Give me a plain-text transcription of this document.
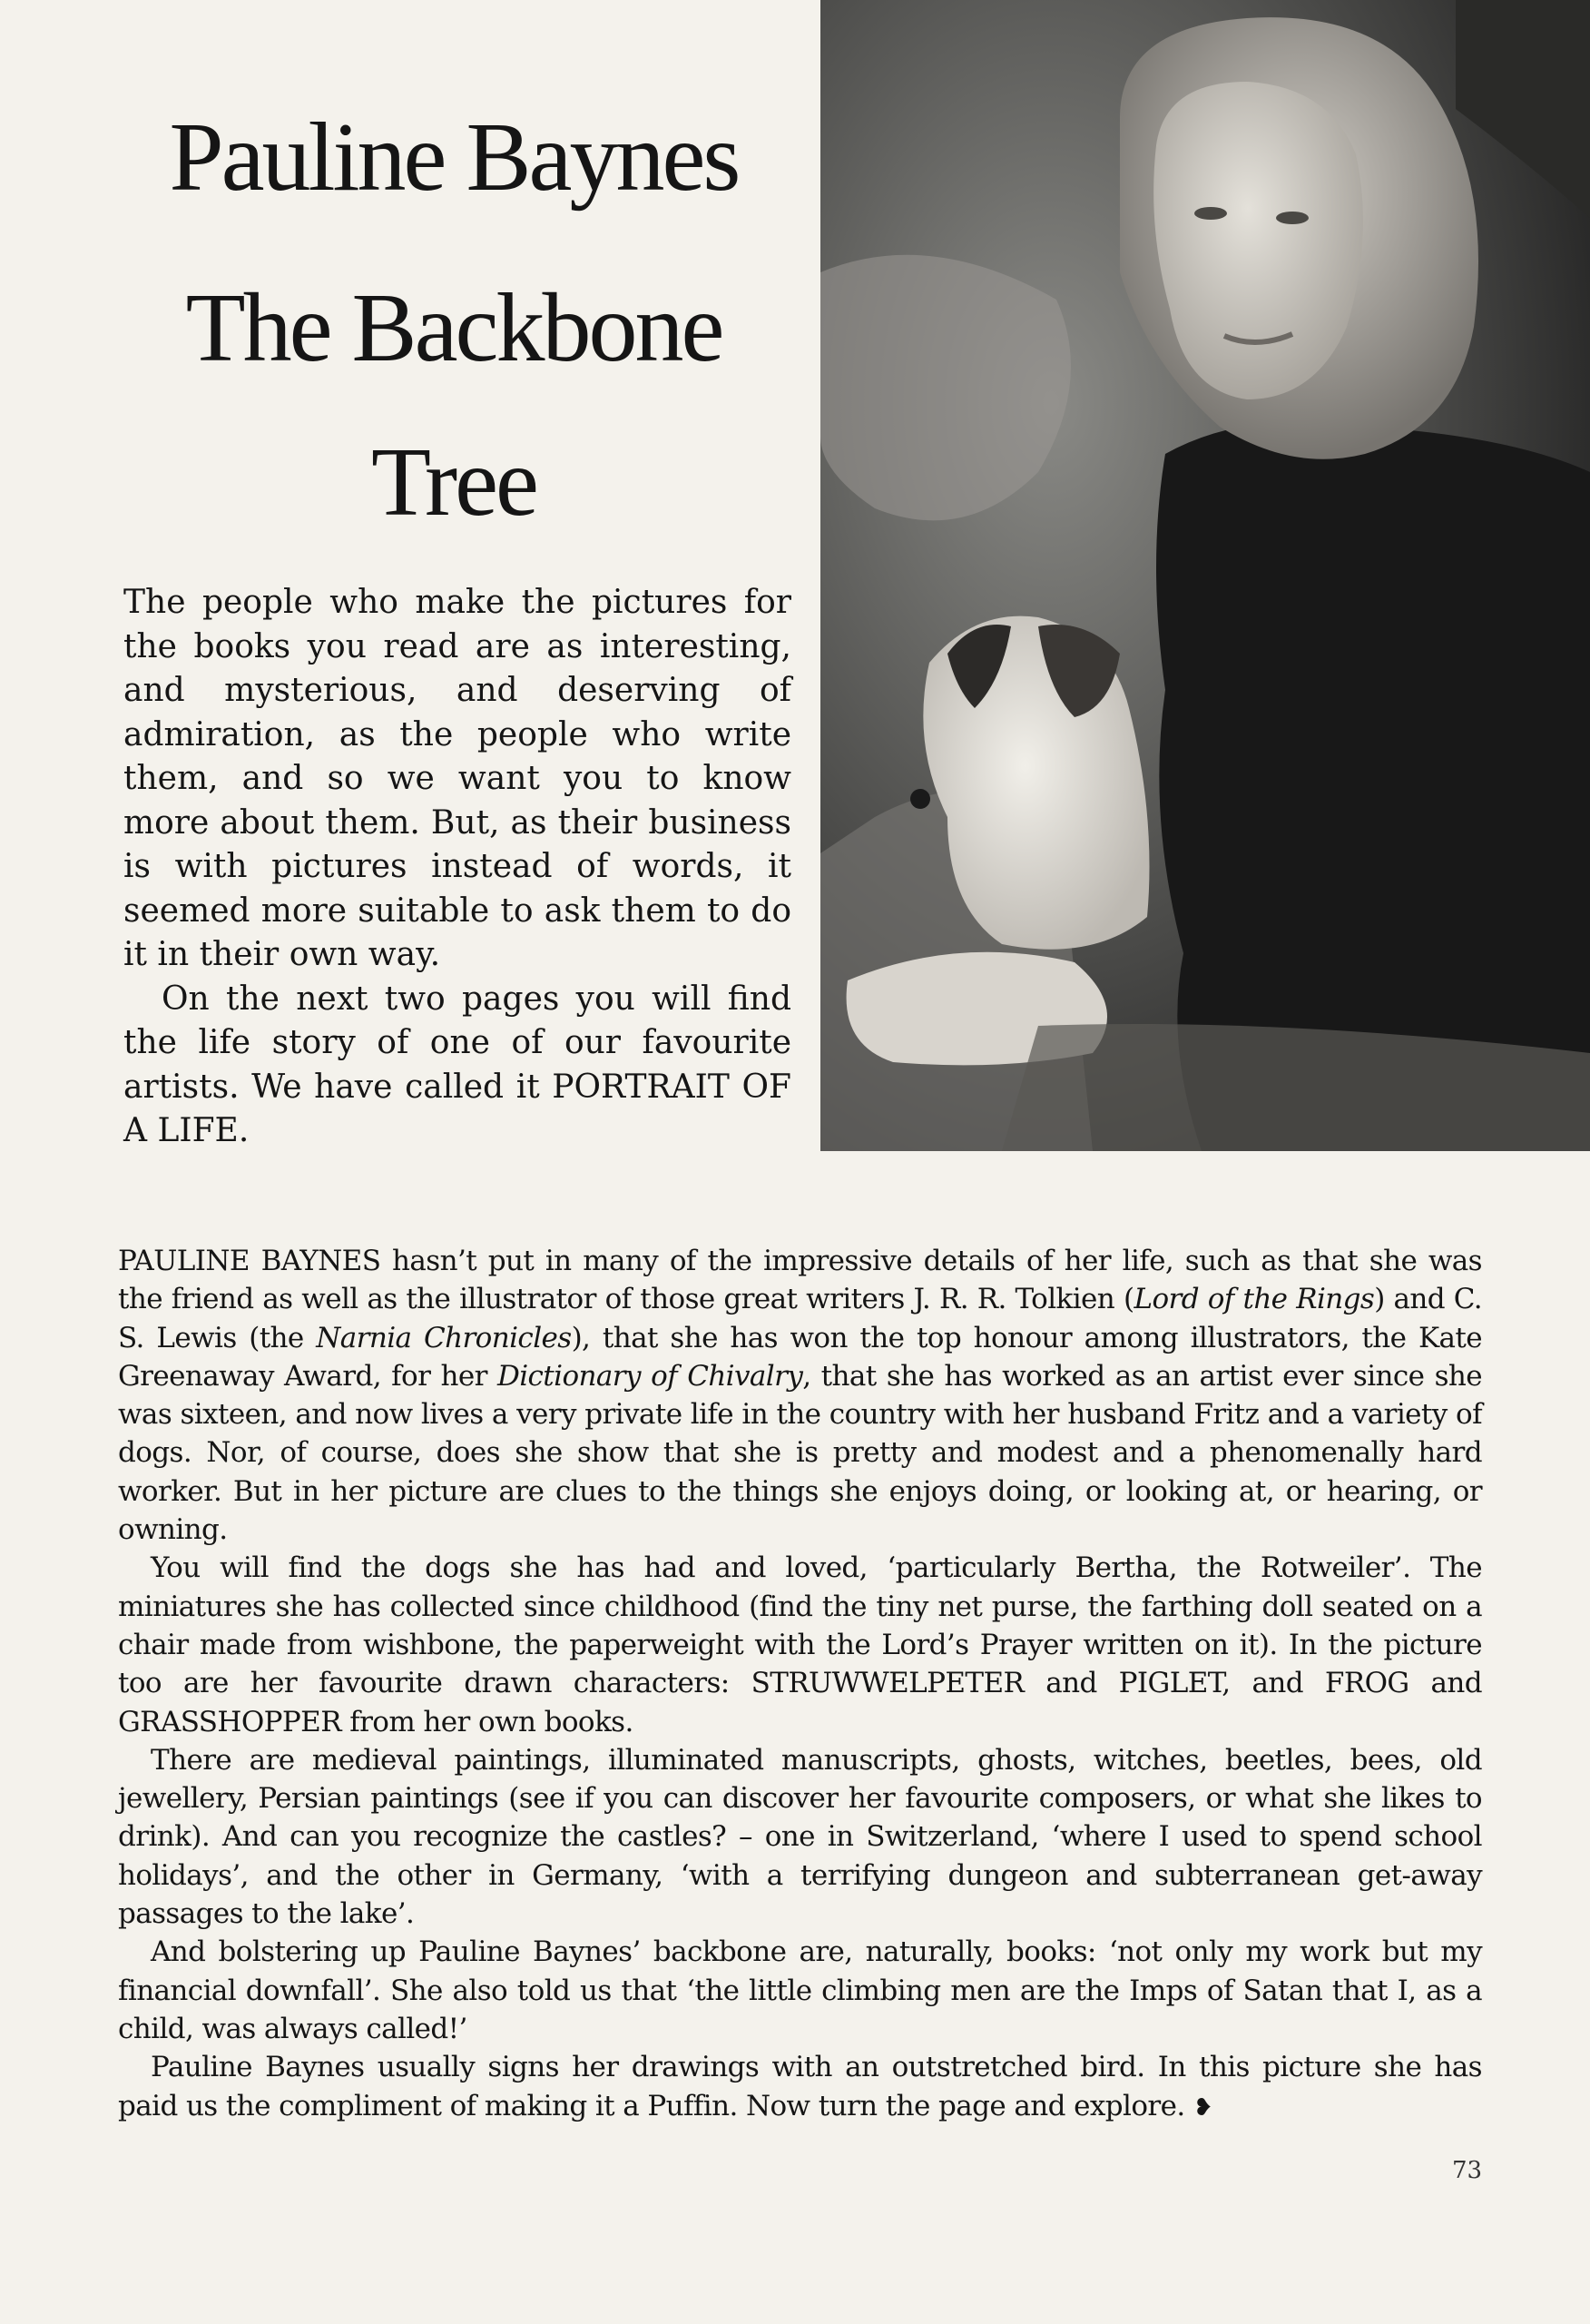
Pauline Baynes
The Backbone
Tree

The people who make the pictures for the books you read are as interesting, and mysterious, and deserving of admiration, as the people who write them, and so we want you to know more about them. But, as their business is with pictures instead of words, it seemed more suitable to ask them to do it in their own way.

On the next two pages you will find the life story of one of our favourite artists. We have called it PORTRAIT OF A LIFE.

PAULINE BAYNES hasn’t put in many of the impressive details of her life, such as that she was the friend as well as the illustrator of those great writers J. R. R. Tolkien (Lord of the Rings) and C. S. Lewis (the Narnia Chronicles), that she has won the top honour among illustrators, the Kate Greenaway Award, for her Dictionary of Chivalry, that she has worked as an artist ever since she was sixteen, and now lives a very private life in the country with her husband Fritz and a variety of dogs. Nor, of course, does she show that she is pretty and modest and a phenomenally hard worker. But in her picture are clues to the things she enjoys doing, or looking at, or hearing, or owning.

You will find the dogs she has had and loved, ‘particularly Bertha, the Rotweiler’. The miniatures she has collected since childhood (find the tiny net purse, the farthing doll seated on a chair made from wishbone, the paperweight with the Lord’s Prayer written on it). In the picture too are her favourite drawn characters: STRUWWELPETER and PIGLET, and FROG and GRASSHOPPER from her own books.

There are medieval paintings, illuminated manuscripts, ghosts, witches, beetles, bees, old jewellery, Persian paintings (see if you can discover her favourite composers, or what she likes to drink). And can you recognize the castles? – one in Switzerland, ‘where I used to spend school holidays’, and the other in Germany, ‘with a terrifying dungeon and subterranean get-away passages to the lake’.

And bolstering up Pauline Baynes’ backbone are, naturally, books: ‘not only my work but my financial downfall’. She also told us that ‘the little climbing men are the Imps of Satan that I, as a child, was always called!’

Pauline Baynes usually signs her drawings with an outstretched bird. In this picture she has paid us the compliment of making it a Puffin. Now turn the page and explore. ❥

73
